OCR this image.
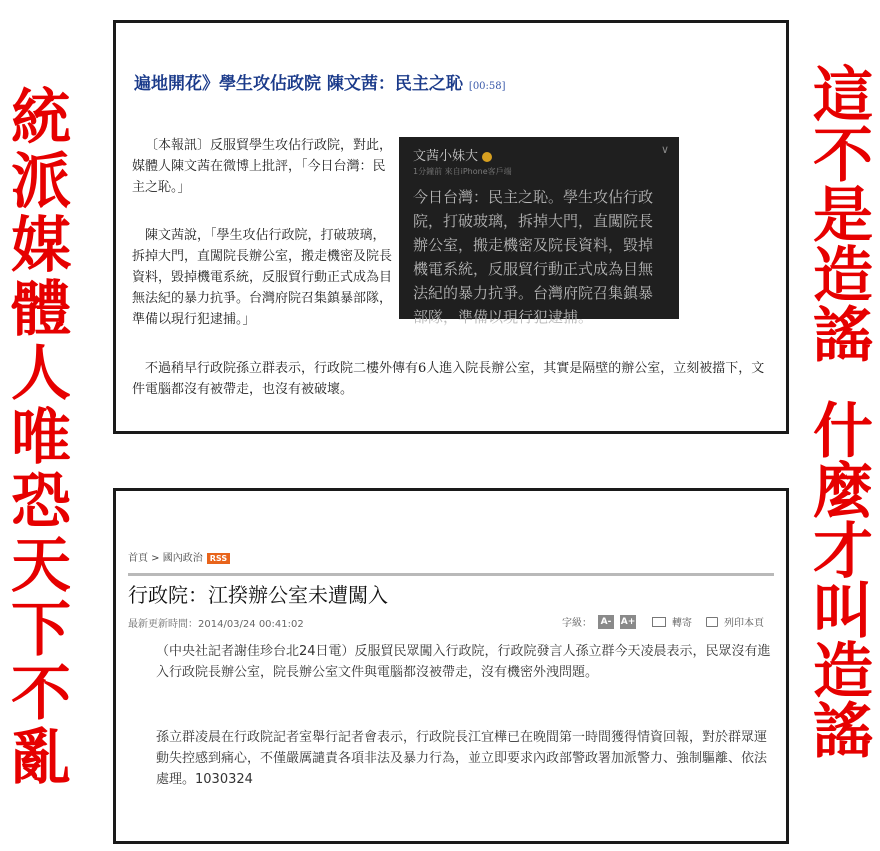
統
派
媒
體
人
唯
恐
天
下
不
亂
這
不
是
造
謠
什
麼
才
叫
造
謠
遍地開花》學生攻佔政院 陳文茜：民主之恥 [00:58]
〔本報訊〕反服貿學生攻佔行政院，對此，媒體人陳文茜在微博上批評，「今日台灣：民主之恥。」
陳文茜說，「學生攻佔行政院，打破玻璃，拆掉大門，直闖院長辦公室，搬走機密及院長資料，毀掉機電系統，反服貿行動正式成為目無法紀的暴力抗爭。台灣府院召集鎮暴部隊，準備以現行犯逮捕。」
文茜小妹大
1分鐘前 來自iPhone客戶端
∨
今日台灣：民主之恥。學生攻佔行政院，打破玻璃，拆掉大門，直闖院長辦公室，搬走機密及院長資料，毀掉機電系統，反服貿行動正式成為目無法紀的暴力抗爭。台灣府院召集鎮暴部隊，準備以現行犯逮捕。
不過稍早行政院孫立群表示，行政院二樓外傳有6人進入院長辦公室，其實是隔壁的辦公室，立刻被擋下，文件電腦都沒有被帶走，也沒有被破壞。
首頁 > 國內政治 RSS
行政院：江揆辦公室未遭闖入
最新更新時間：2014/03/24 00:41:02	字級： A- A+	轉寄	列印本頁
（中央社記者謝佳珍台北24日電）反服貿民眾闖入行政院，行政院發言人孫立群今天凌晨表示，民眾沒有進入行政院長辦公室，院長辦公室文件與電腦都沒被帶走，沒有機密外洩問題。
孫立群凌晨在行政院記者室舉行記者會表示，行政院長江宜樺已在晚間第一時間獲得情資回報，對於群眾運動失控感到痛心，不僅嚴厲譴責各項非法及暴力行為，並立即要求內政部警政署加派警力、強制驅離、依法處理。1030324
